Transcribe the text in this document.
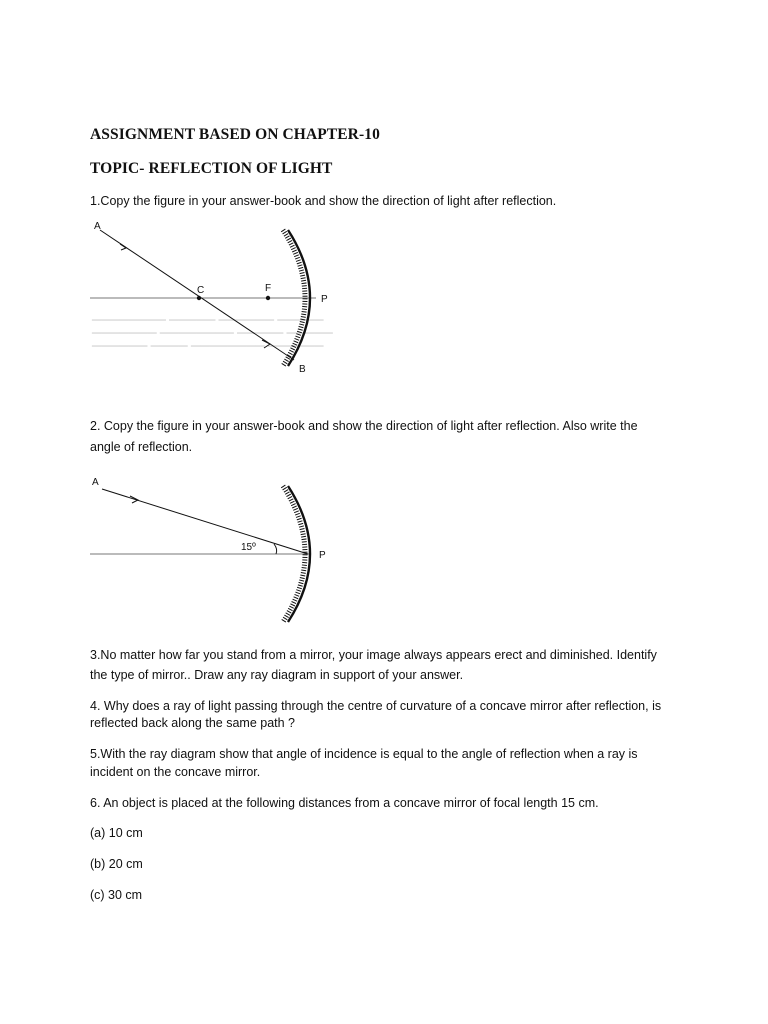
ASSIGNMENT BASED ON CHAPTER-10
TOPIC- REFLECTION OF LIGHT
1.Copy the figure in your answer-book and show the direction of light after reflection.
▁▁▁▁▁▁▁▁ ▁▁▁▁▁ ▁▁▁▁▁▁ ▁▁▁▁▁
▁▁▁▁▁▁▁ ▁▁▁▁▁▁▁▁ ▁▁▁▁▁ ▁▁▁▁▁
▁▁▁▁▁▁ ▁▁▁▁ ▁▁▁▁▁▁▁▁ ▁▁▁▁▁▁
A
C	F
P
B
2. Copy the figure in your answer-book and show the direction of light after reflection. Also write the
angle of reflection.
A
15º
P
3.No matter how far you stand from a mirror, your image always appears erect and diminished. Identify
the type of mirror.. Draw any ray diagram in support of your answer.
4. Why does a ray of light passing through the centre of curvature of a concave mirror after reflection, is
reflected back along the same path ?
5.With the ray diagram show that angle of incidence is equal to the angle of reflection when a ray is
incident on the concave mirror.
6. An object is placed at the following distances from a concave mirror of focal length 15 cm.
(a) 10 cm
(b) 20 cm
(c) 30 cm
